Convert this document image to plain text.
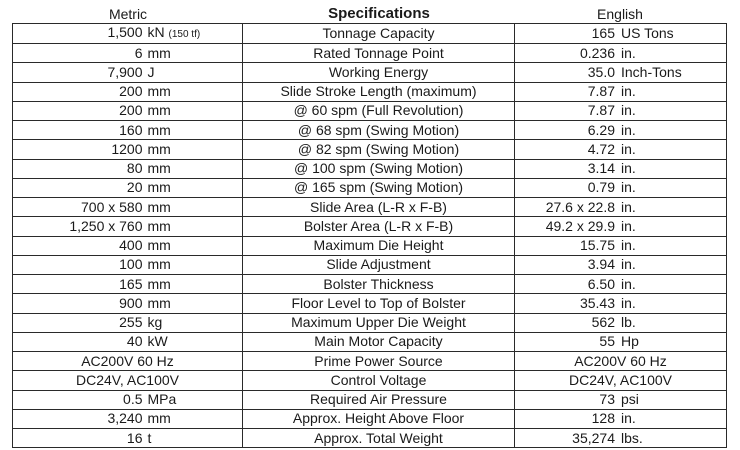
Metric	Specifications	English
1,500 kN (150 tf)	Tonnage Capacity	165 US Tons
6 mm	Rated Tonnage Point	0.236 in.
7,900 J	Working Energy	35.0 Inch-Tons
200 mm	Slide Stroke Length (maximum)	7.87 in.
200 mm	@ 60 spm (Full Revolution)	7.87 in.
160 mm	@ 68 spm (Swing Motion)	6.29 in.
1200 mm	@ 82 spm (Swing Motion)	4.72 in.
80 mm	@ 100 spm (Swing Motion)	3.14 in.
20 mm	@ 165 spm (Swing Motion)	0.79 in.
700 x 580 mm	Slide Area (L-R x F-B)	27.6 x 22.8 in.
1,250 x 760 mm	Bolster Area (L-R x F-B)	49.2 x 29.9 in.
400 mm	Maximum Die Height	15.75 in.
100 mm	Slide Adjustment	3.94 in.
165 mm	Bolster Thickness	6.50 in.
900 mm	Floor Level to Top of Bolster	35.43 in.
255 kg	Maximum Upper Die Weight	562 lb.
40 kW	Main Motor Capacity	55 Hp
AC200V 60 Hz	Prime Power Source	AC200V 60 Hz
DC24V, AC100V	Control Voltage	DC24V, AC100V
0.5 MPa	Required Air Pressure	73 psi
3,240 mm	Approx. Height Above Floor	128 in.
16 t	Approx. Total Weight	35,274 lbs.
